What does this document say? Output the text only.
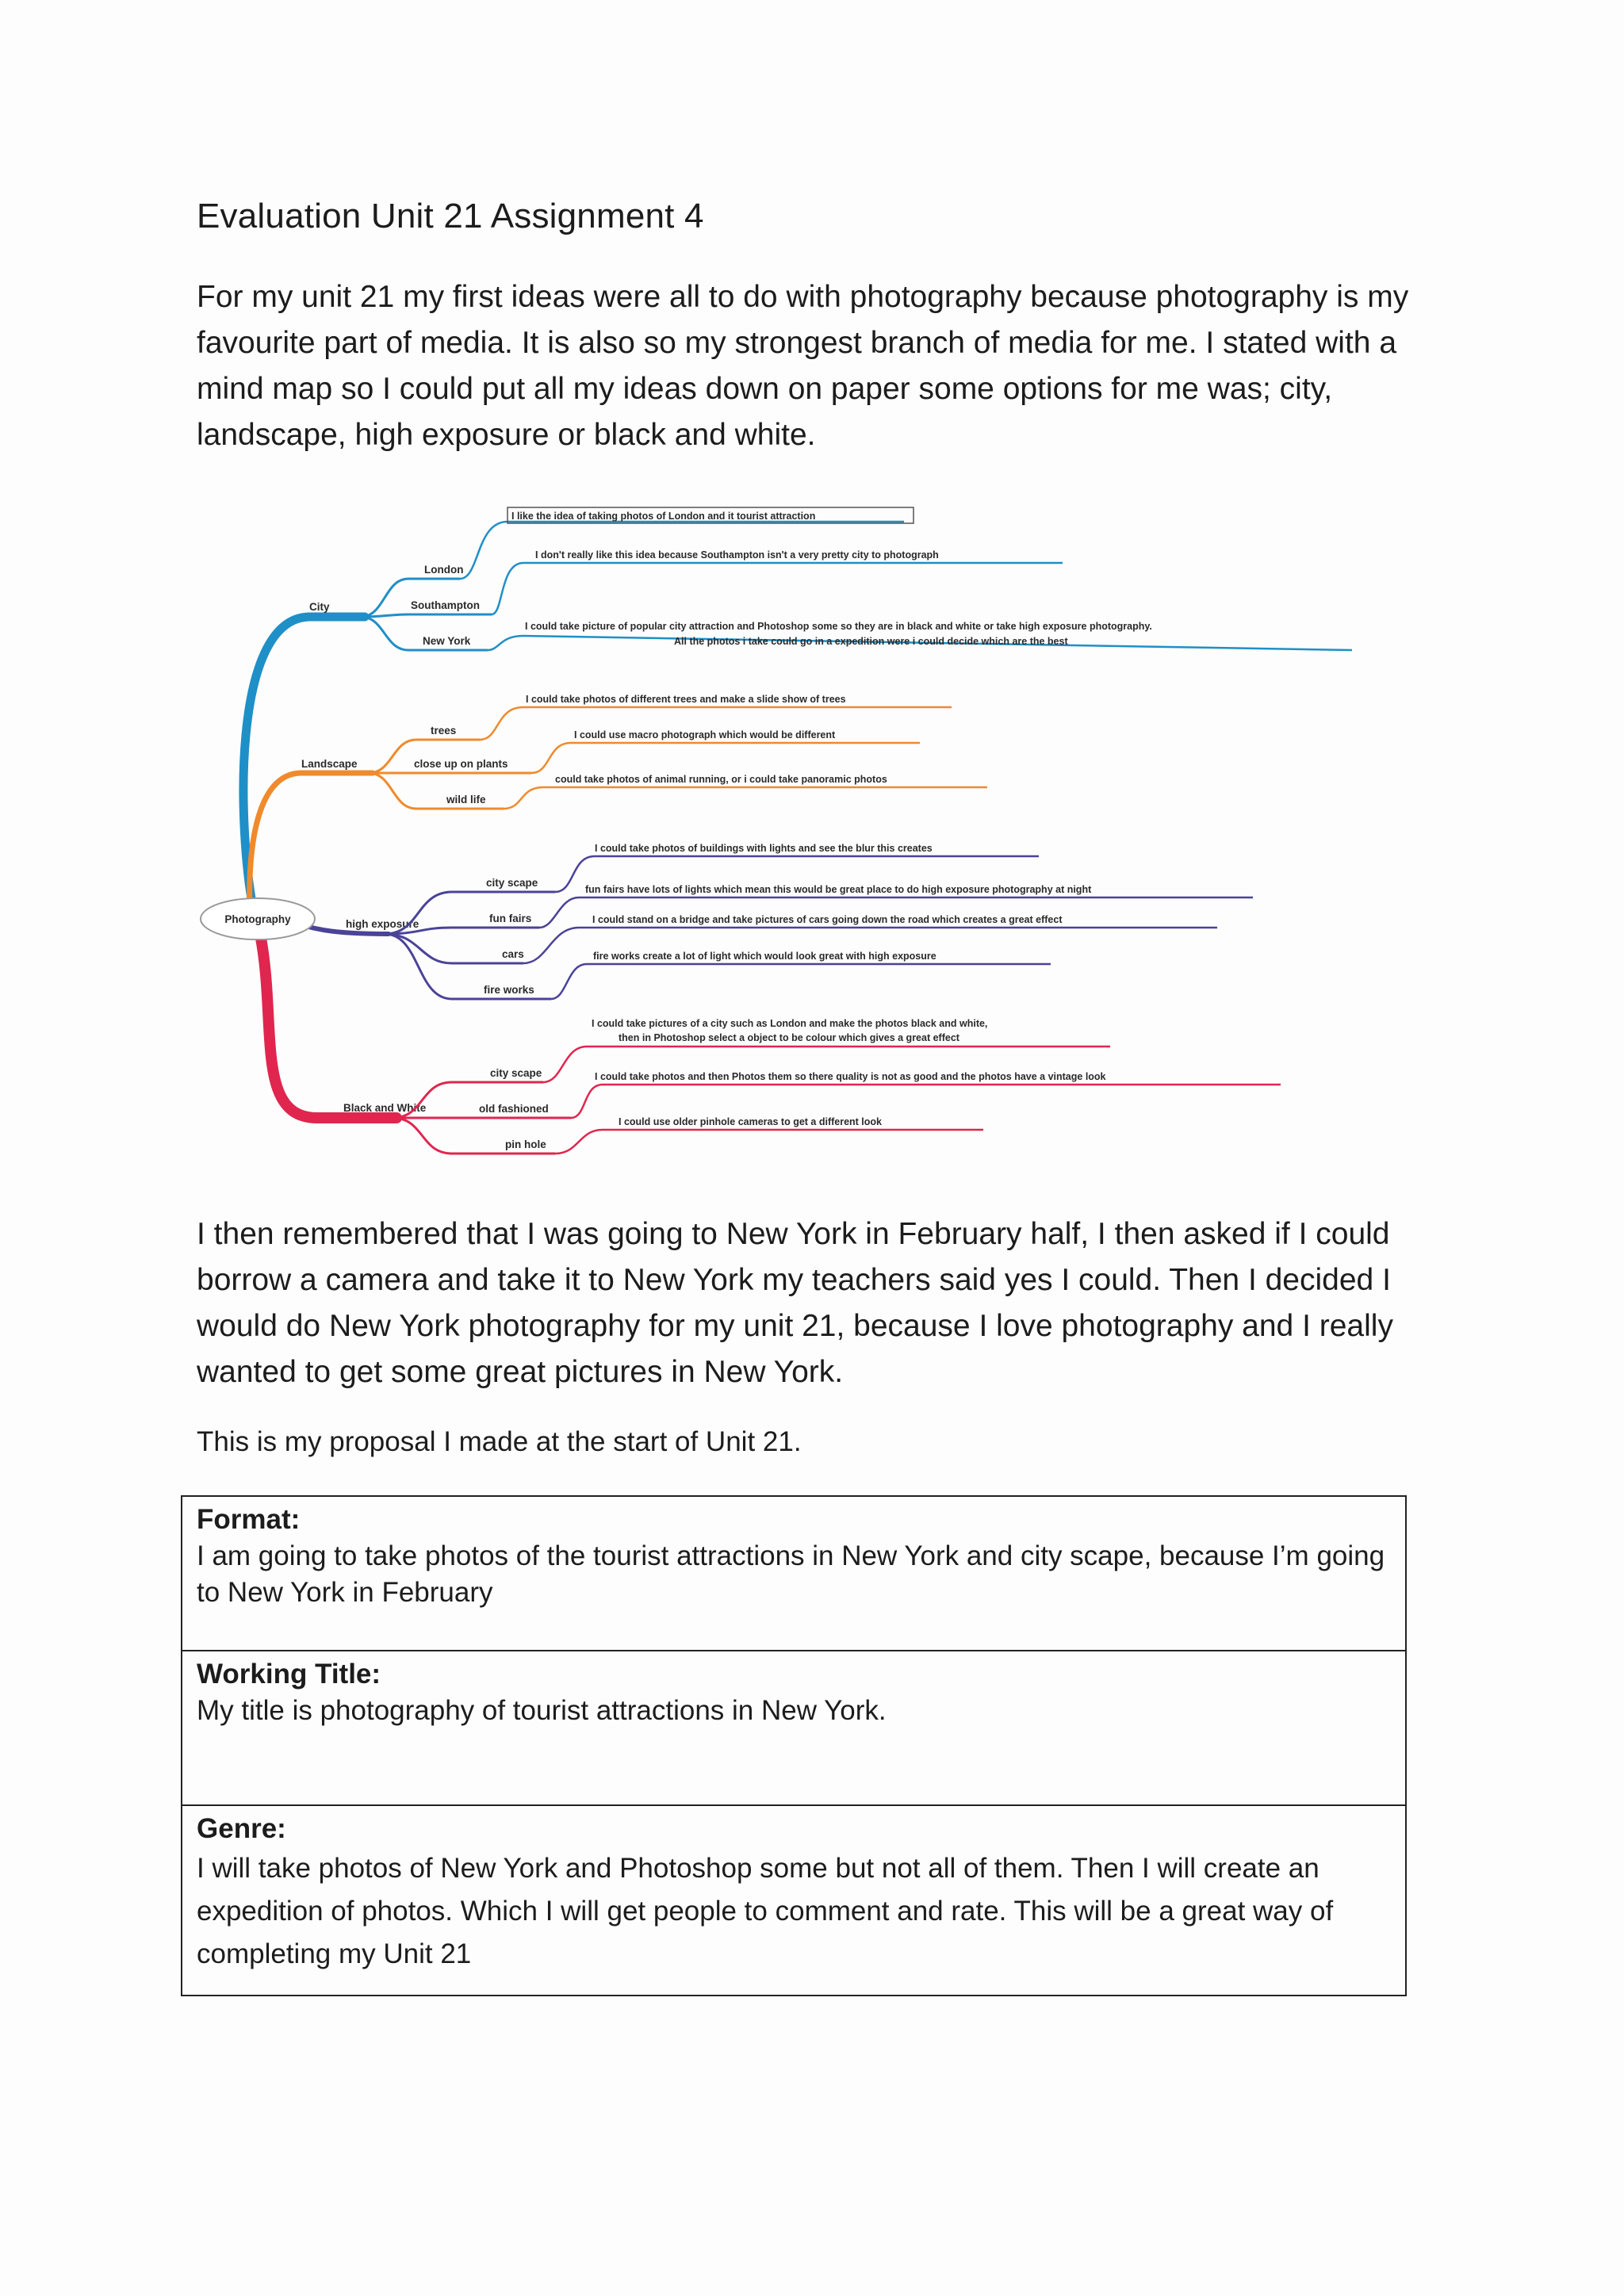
Evaluation Unit 21 Assignment 4

For my unit 21 my first ideas were all to do with photography because photography is my favourite part of media. It is also so my strongest branch of media for me. I stated with a mind map so I could put all my ideas down on paper some options for me was; city, landscape, high exposure or black and white.

Photography
City
London
Southampton
New York
I like the idea of taking photos of London and it tourist attraction
I don't really like this idea because Southampton isn't a very pretty city to photograph
I could take picture of popular city attraction and Photoshop some so they are in black and white or take high exposure photography.
All the photos i take could go in a expedition were i could decide which are the best
Landscape
trees
close up on plants
wild life
I could take photos of different trees and make a slide show of trees
I could use macro photograph which would be different
could take photos of animal running, or i could take panoramic photos
high exposure
city scape
fun fairs
cars
fire works
I could take photos of buildings with lights and see the blur this creates
fun fairs have lots of lights which mean this would be great place to do high exposure photography at night
I could stand on a bridge and take pictures of cars going down the road which creates a great effect
fire works create a lot of light which would look great with high exposure
Black and White
city scape
old fashioned
pin hole
I could take pictures of a city such as London and make the photos black and white,
then in Photoshop select a object to be colour which gives a great effect
I could take photos and then Photos them so there quality is not as good and the photos have a vintage look
I could use older pinhole cameras to get a different look

I then remembered that I was going to New York in February half, I then asked if I could borrow a camera and take it to New York my teachers said yes I could. Then I decided I would do New York photography for my unit 21, because I love photography and I really wanted to get some great pictures in New York.

This is my proposal I made at the start of Unit 21.

Format:
I am going to take photos of the tourist attractions in New York and city scape, because I’m going to New York in February
Working Title:
My title is photography of tourist attractions in New York.
Genre:
I will take photos of New York and Photoshop some but not all of them. Then I will create an expedition of photos. Which I will get people to comment and rate. This will be a great way of completing my Unit 21
